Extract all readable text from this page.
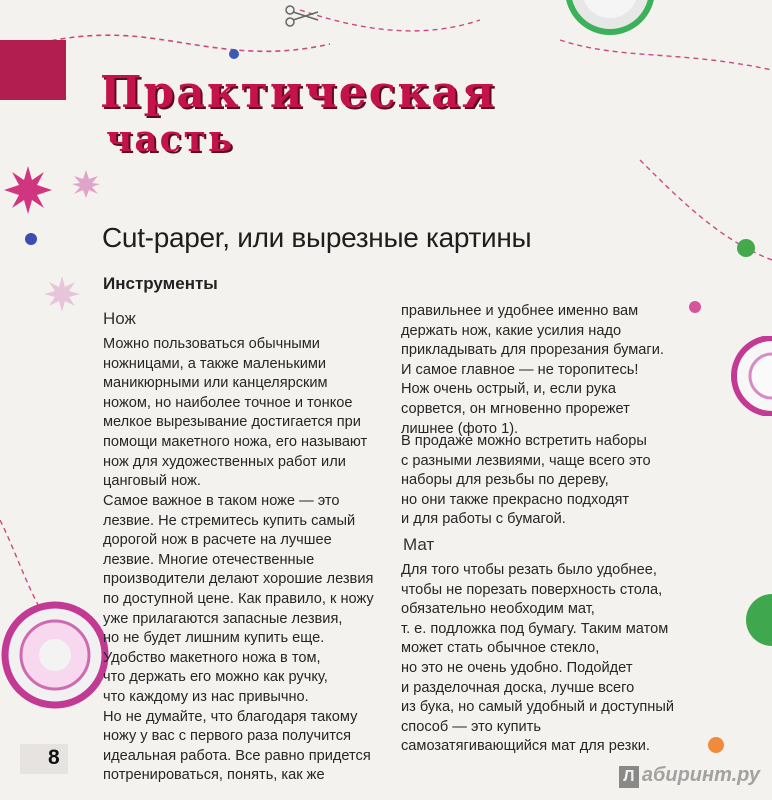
Практическая
часть
Cut-paper, или вырезные картины
Инструменты
Нож
Можно пользоваться обычными
ножницами, а также маленькими
маникюрными или канцелярским
ножом, но наиболее точное и тонкое
мелкое вырезывание достигается при
помощи макетного ножа, его называют
нож для художественных работ или
цанговый нож.
Самое важное в таком ноже — это
лезвие. Не стремитесь купить самый
дорогой нож в расчете на лучшее
лезвие. Многие отечественные
производители делают хорошие лезвия
по доступной цене. Как правило, к ножу
уже прилагаются запасные лезвия,
но не будет лишним купить еще.
Удобство макетного ножа в том,
что держать его можно как ручку,
что каждому из нас привычно.
Но не думайте, что благодаря такому
ножу у вас с первого раза получится
идеальная работа. Все равно придется
потренироваться, понять, как же
правильнее и удобнее именно вам
держать нож, какие усилия надо
прикладывать для прорезания бумаги.
И самое главное — не торопитесь!
Нож очень острый, и, если рука
сорвется, он мгновенно прорежет
лишнее (фото 1).
В продаже можно встретить наборы
с разными лезвиями, чаще всего это
наборы для резьбы по дереву,
но они также прекрасно подходят
и для работы с бумагой.
Мат
Для того чтобы резать было удобнее,
чтобы не порезать поверхность стола,
обязательно необходим мат,
т. е. подложка под бумагу. Таким матом
может стать обычное стекло,
но это не очень удобно. Подойдет
и разделочная доска, лучше всего
из бука, но самый удобный и доступный
способ — это купить
самозатягивающийся мат для резки.
8
Л абиринт.ру
